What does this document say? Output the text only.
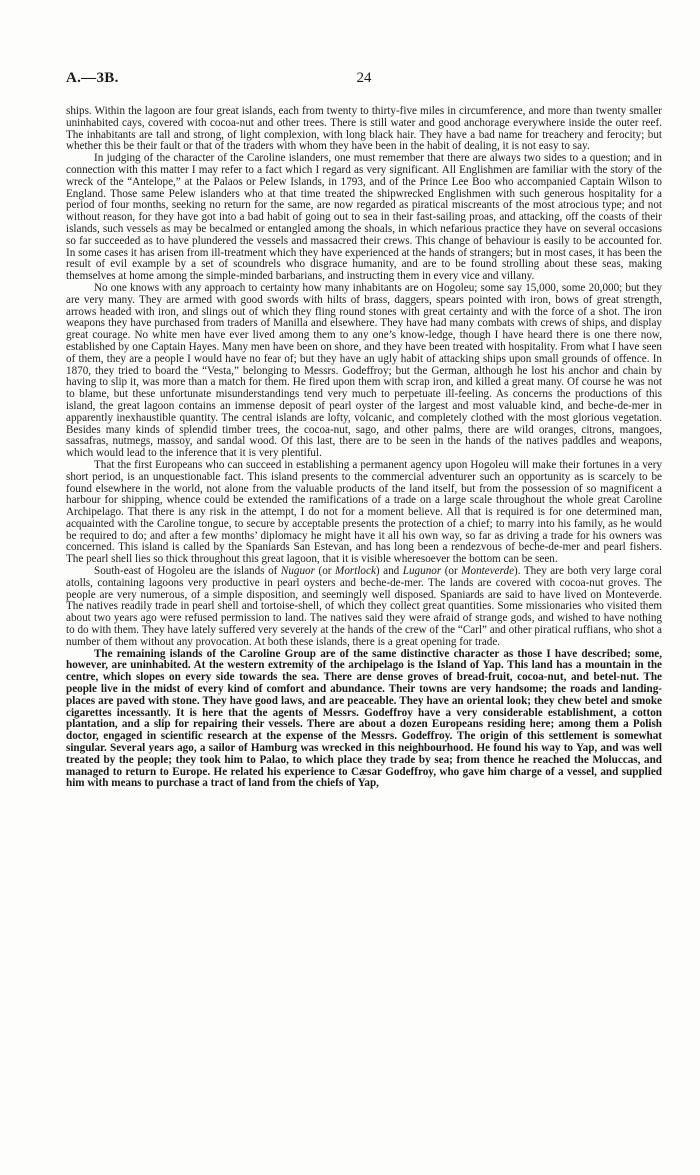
A.—3B.	24

ships. Within the lagoon are four great islands, each from twenty to thirty-five miles in circumference, and more than twenty smaller uninhabited cays, covered with cocoa-nut and other trees. There is still water and good anchorage everywhere inside the outer reef. The inhabitants are tall and strong, of light complexion, with long black hair. They have a bad name for treachery and ferocity; but whether this be their fault or that of the traders with whom they have been in the habit of dealing, it is not easy to say.

In judging of the character of the Caroline islanders, one must remember that there are always two sides to a question; and in connection with this matter I may refer to a fact which I regard as very significant. All Englishmen are familiar with the story of the wreck of the “Antelope,” at the Palaos or Pelew Islands, in 1793, and of the Prince Lee Boo who accompanied Captain Wilson to England. Those same Pelew islanders who at that time treated the shipwrecked Englishmen with such generous hospitality for a period of four months, seeking no return for the same, are now regarded as piratical miscreants of the most atrocious type; and not without reason, for they have got into a bad habit of going out to sea in their fast-sailing proas, and attacking, off the coasts of their islands, such vessels as may be becalmed or entangled among the shoals, in which nefarious practice they have on several occasions so far succeeded as to have plundered the vessels and massacred their crews. This change of behaviour is easily to be accounted for. In some cases it has arisen from ill-treatment which they have experienced at the hands of strangers; but in most cases, it has been the result of evil example by a set of scoundrels who disgrace humanity, and are to be found strolling about these seas, making themselves at home among the simple-minded barbarians, and instructing them in every vice and villany.

No one knows with any approach to certainty how many inhabitants are on Hogoleu; some say 15,000, some 20,000; but they are very many. They are armed with good swords with hilts of brass, daggers, spears pointed with iron, bows of great strength, arrows headed with iron, and slings out of which they fling round stones with great certainty and with the force of a shot. The iron weapons they have purchased from traders of Manilla and elsewhere. They have had many combats with crews of ships, and display great courage. No white men have ever lived among them to any one’s know-ledge, though I have heard there is one there now, established by one Captain Hayes. Many men have been on shore, and they have been treated with hospitality. From what I have seen of them, they are a people I would have no fear of; but they have an ugly habit of attacking ships upon small grounds of offence. In 1870, they tried to board the “Vesta,” belonging to Messrs. Godeffroy; but the German, although he lost his anchor and chain by having to slip it, was more than a match for them. He fired upon them with scrap iron, and killed a great many. Of course he was not to blame, but these unfortunate misunderstandings tend very much to perpetuate ill-feeling. As concerns the productions of this island, the great lagoon contains an immense deposit of pearl oyster of the largest and most valuable kind, and beche-de-mer in apparently inexhaustible quantity. The central islands are lofty, volcanic, and completely clothed with the most glorious vegetation. Besides many kinds of splendid timber trees, the cocoa-nut, sago, and other palms, there are wild oranges, citrons, mangoes, sassafras, nutmegs, massoy, and sandal wood. Of this last, there are to be seen in the hands of the natives paddles and weapons, which would lead to the inference that it is very plentiful.

That the first Europeans who can succeed in establishing a permanent agency upon Hogoleu will make their fortunes in a very short period, is an unquestionable fact. This island presents to the commercial adventurer such an opportunity as is scarcely to be found elsewhere in the world, not alone from the valuable products of the land itself, but from the possession of so magnificent a harbour for shipping, whence could be extended the ramifications of a trade on a large scale throughout the whole great Caroline Archipelago. That there is any risk in the attempt, I do not for a moment believe. All that is required is for one determined man, acquainted with the Caroline tongue, to secure by acceptable presents the protection of a chief; to marry into his family, as he would be required to do; and after a few months’ diplomacy he might have it all his own way, so far as driving a trade for his owners was concerned. This island is called by the Spaniards San Estevan, and has long been a rendezvous of beche-de-mer and pearl fishers. The pearl shell lies so thick throughout this great lagoon, that it is visible wheresoever the bottom can be seen.

South-east of Hogoleu are the islands of Nuguor (or Mortlock) and Lugunor (or Monteverde). They are both very large coral atolls, containing lagoons very productive in pearl oysters and beche-de-mer. The lands are covered with cocoa-nut groves. The people are very numerous, of a simple disposition, and seemingly well disposed. Spaniards are said to have lived on Monteverde. The natives readily trade in pearl shell and tortoise-shell, of which they collect great quantities. Some missionaries who visited them about two years ago were refused permission to land. The natives said they were afraid of strange gods, and wished to have nothing to do with them. They have lately suffered very severely at the hands of the crew of the “Carl” and other piratical ruffians, who shot a number of them without any provocation. At both these islands, there is a great opening for trade.

The remaining islands of the Caroline Group are of the same distinctive character as those I have described; some, however, are uninhabited. At the western extremity of the archipelago is the Island of Yap. This land has a mountain in the centre, which slopes on every side towards the sea. There are dense groves of bread-fruit, cocoa-nut, and betel-nut. The people live in the midst of every kind of comfort and abundance. Their towns are very handsome; the roads and landing-places are paved with stone. They have good laws, and are peaceable. They have an oriental look; they chew betel and smoke cigarettes incessantly. It is here that the agents of Messrs. Godeffroy have a very considerable establishment, a cotton plantation, and a slip for repairing their vessels. There are about a dozen Europeans residing here; among them a Polish doctor, engaged in scientific research at the expense of the Messrs. Godeffroy. The origin of this settlement is somewhat singular. Several years ago, a sailor of Hamburg was wrecked in this neighbourhood. He found his way to Yap, and was well treated by the people; they took him to Palao, to which place they trade by sea; from thence he reached the Moluccas, and managed to return to Europe. He related his experience to Cæsar Godeffroy, who gave him charge of a vessel, and supplied him with means to purchase a tract of land from the chiefs of Yap,
